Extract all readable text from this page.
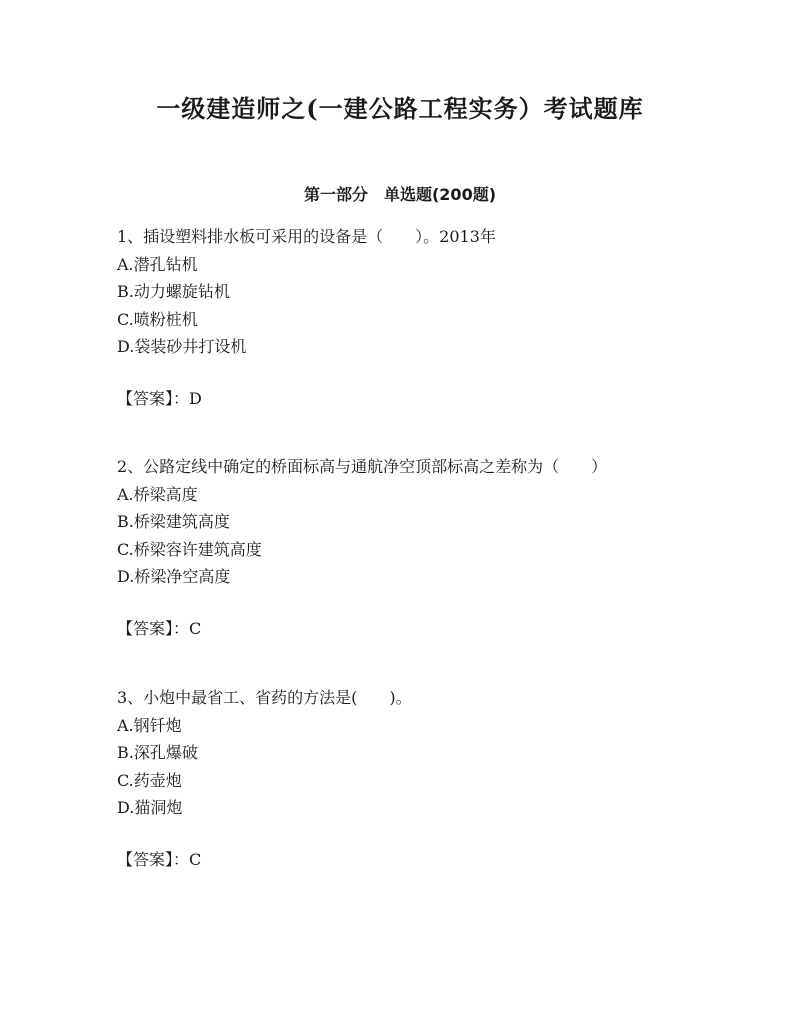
一级建造师之(一建公路工程实务）考试题库
第一部分　单选题(200题)
1、插设塑料排水板可采用的设备是（　　）。2013年
A.潜孔钻机
B.动力螺旋钻机
C.喷粉桩机
D.袋装砂井打设机
【答案】：D
2、公路定线中确定的桥面标高与通航净空顶部标高之差称为（　　）
A.桥梁高度
B.桥梁建筑高度
C.桥梁容许建筑高度
D.桥梁净空高度
【答案】：C
3、小炮中最省工、省药的方法是(　　)。
A.钢钎炮
B.深孔爆破
C.药壶炮
D.猫洞炮
【答案】：C
